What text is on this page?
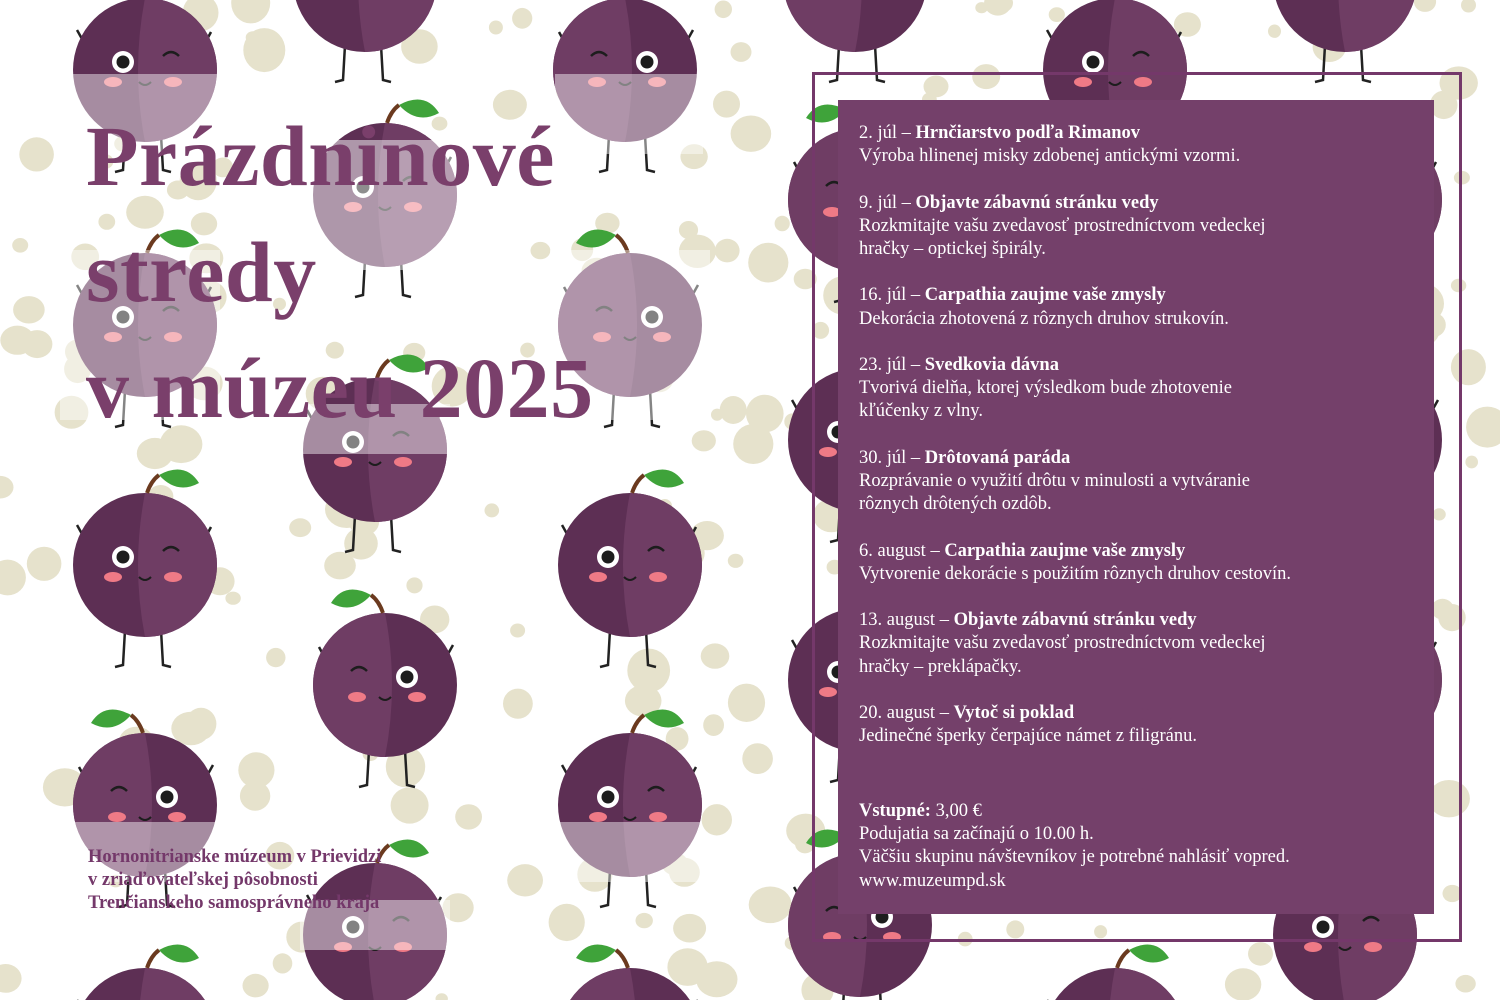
Prázdninové
stredy
v múzeu 2025
Hornonitrianske múzeum v Prievidzi
v zriaďovateľskej pôsobnosti
Trenčianskeho samosprávneho kraja
2. júl – Hrnčiarstvo podľa Rimanov
Výroba hlinenej misky zdobenej antickými vzormi.
9. júl – Objavte zábavnú stránku vedy
Rozkmitajte vašu zvedavosť prostredníctvom vedeckej
hračky – optickej špirály.
16. júl – Carpathia zaujme vaše zmysly
Dekorácia zhotovená z rôznych druhov strukovín.
23. júl – Svedkovia dávna
Tvorivá dielňa, ktorej výsledkom bude zhotovenie
kľúčenky z vlny.
30. júl – Drôtovaná paráda
Rozprávanie o využití drôtu v minulosti a vytváranie
rôznych drôtených ozdôb.
6. august – Carpathia zaujme vaše zmysly
Vytvorenie dekorácie s použitím rôznych druhov cestovín.
13. august – Objavte zábavnú stránku vedy
Rozkmitajte vašu zvedavosť prostredníctvom vedeckej
hračky – preklápačky.
20. august – Vytoč si poklad
Jedinečné šperky čerpajúce námet z filigránu.
Vstupné: 3,00 €
Podujatia sa začínajú o 10.00 h.
Väčšiu skupinu návštevníkov je potrebné nahlásiť vopred.
www.muzeumpd.sk
